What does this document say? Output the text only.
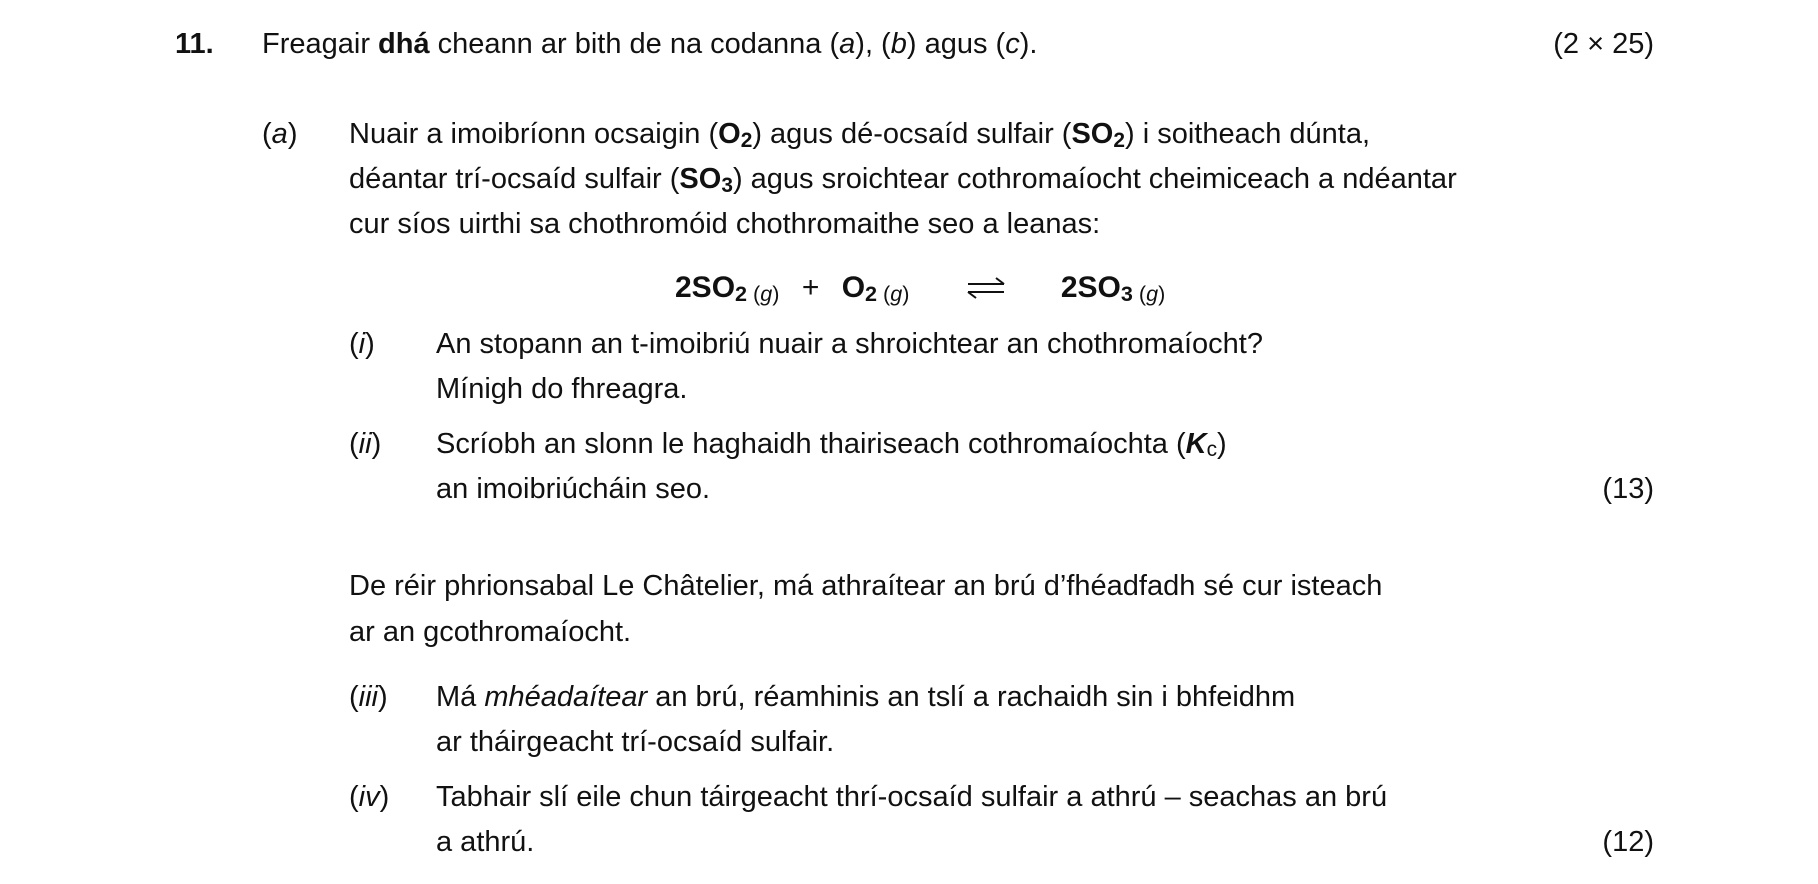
11. Freagair dhá cheann ar bith de na codanna (a), (b) agus (c).	(2 × 25)
(a) Nuair a imoibríonn ocsaigin $(O_2)$ agus dé-ocsaíd sulfair $(SO_2)$ i soitheach dúnta,
déantar trí-ocsaíd sulfair $(SO_3)$ agus sroichtear cothromaíocht cheimiceach a ndéantar
cur síos uirthi sa chothromóid chothromaithe seo a leanas:
$2SO_2$ $(g) + O_2$ (g)	$2SO_3$ (g)
(i) An stopann an t-imoibriú nuair a shroichtear an chothromaíocht?
Mínigh do fhreagra.
(ii) Scríobh an slonn le haghaidh thairiseach cothromaíochta (Kc)
an imoibriúcháin seo.	(13)
De réir phrionsabal Le Châtelier, má athraítear an brú d’fhéadfadh sé cur isteach
ar an gcothromaíocht.
(iii) Má mhéadaítear an brú, réamhinis an tslí a rachaidh sin i bhfeidhm
ar tháirgeacht trí-ocsaíd sulfair.
(iv) Tabhair slí eile chun táirgeacht thrí-ocsaíd sulfair a athrú – seachas an brú
a athrú.	(12)
